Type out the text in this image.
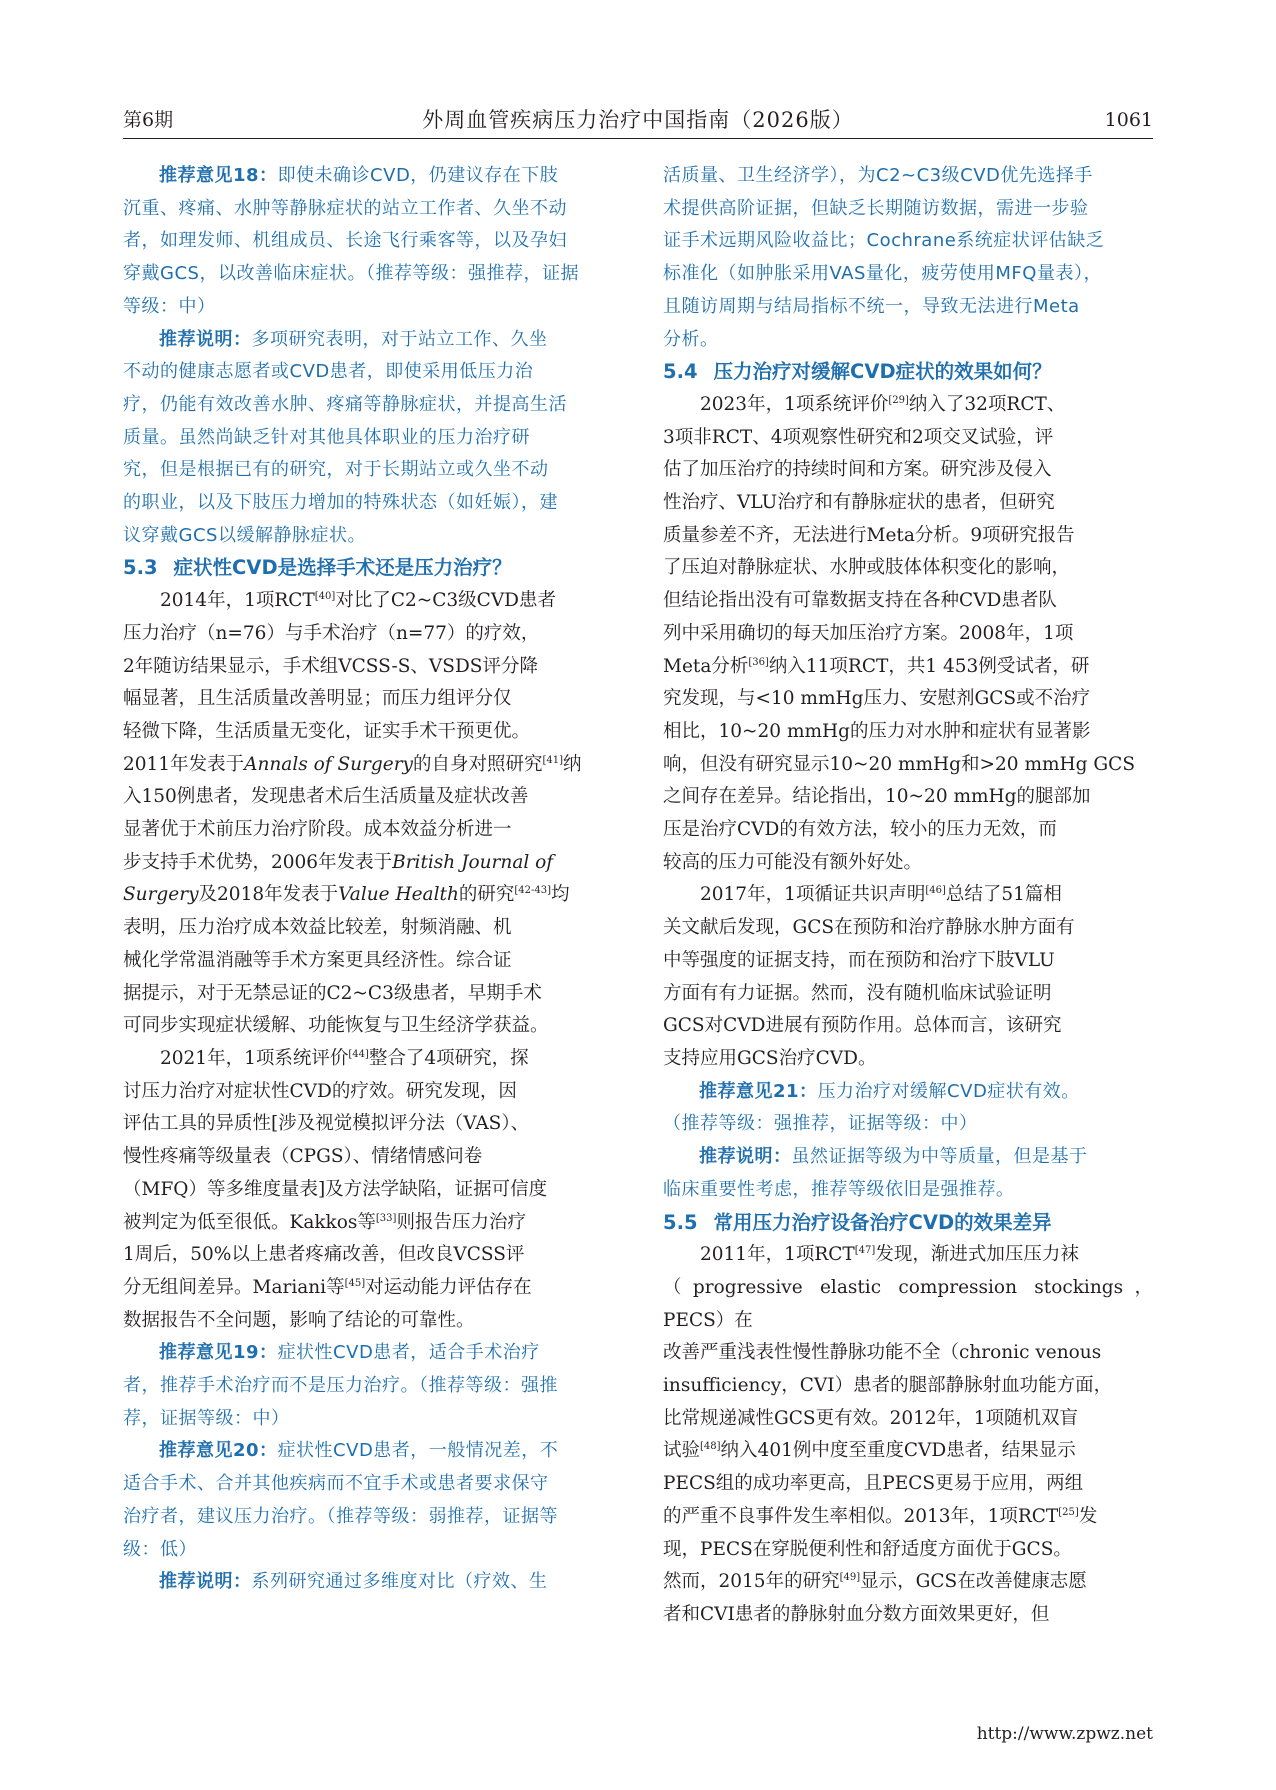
第6期	外周血管疾病压力治疗中国指南（2026版）	1061

推荐意见18：即使未确诊CVD，仍建议存在下肢
沉重、疼痛、水肿等静脉症状的站立工作者、久坐不动
者，如理发师、机组成员、长途飞行乘客等，以及孕妇
穿戴GCS，以改善临床症状。（推荐等级：强推荐，证据
等级：中）

推荐说明：多项研究表明，对于站立工作、久坐
不动的健康志愿者或CVD患者，即使采用低压力治
疗，仍能有效改善水肿、疼痛等静脉症状，并提高生活
质量。虽然尚缺乏针对其他具体职业的压力治疗研
究，但是根据已有的研究，对于长期站立或久坐不动
的职业，以及下肢压力增加的特殊状态（如妊娠），建
议穿戴GCS以缓解静脉症状。

5.3 症状性CVD是选择手术还是压力治疗？

2014年，1项RCT[40]对比了C2~C3级CVD患者
压力治疗（n=76）与手术治疗（n=77）的疗效，
2年随访结果显示，手术组VCSS-S、VSDS评分降
幅显著，且生活质量改善明显；而压力组评分仅
轻微下降，生活质量无变化，证实手术干预更优。
2011年发表于Annals of Surgery的自身对照研究[41]纳
入150例患者，发现患者术后生活质量及症状改善
显著优于术前压力治疗阶段。成本效益分析进一
步支持手术优势，2006年发表于British Journal of
Surgery及2018年发表于Value Health的研究[42-43]均
表明，压力治疗成本效益比较差，射频消融、机
械化学常温消融等手术方案更具经济性。综合证
据提示，对于无禁忌证的C2~C3级患者，早期手术
可同步实现症状缓解、功能恢复与卫生经济学获益。

2021年，1项系统评价[44]整合了4项研究，探
讨压力治疗对症状性CVD的疗效。研究发现，因
评估工具的异质性[涉及视觉模拟评分法（VAS）、
慢性疼痛等级量表（CPGS）、情绪情感问卷
（MFQ）等多维度量表]及方法学缺陷，证据可信度
被判定为低至很低。Kakkos等[33]则报告压力治疗
1周后，50%以上患者疼痛改善，但改良VCSS评
分无组间差异。Mariani等[45]对运动能力评估存在
数据报告不全问题，影响了结论的可靠性。

推荐意见19：症状性CVD患者，适合手术治疗
者，推荐手术治疗而不是压力治疗。（推荐等级：强推
荐，证据等级：中）

推荐意见20：症状性CVD患者，一般情况差，不
适合手术、合并其他疾病而不宜手术或患者要求保守
治疗者，建议压力治疗。（推荐等级：弱推荐，证据等
级：低）

推荐说明：系列研究通过多维度对比（疗效、生

活质量、卫生经济学），为C2~C3级CVD优先选择手
术提供高阶证据，但缺乏长期随访数据，需进一步验
证手术远期风险收益比；Cochrane系统症状评估缺乏
标准化（如肿胀采用VAS量化，疲劳使用MFQ量表），
且随访周期与结局指标不统一，导致无法进行Meta
分析。

5.4 压力治疗对缓解CVD症状的效果如何？

2023年，1项系统评价[29]纳入了32项RCT、
3项非RCT、4项观察性研究和2项交叉试验，评
估了加压治疗的持续时间和方案。研究涉及侵入
性治疗、VLU治疗和有静脉症状的患者，但研究
质量参差不齐，无法进行Meta分析。9项研究报告
了压迫对静脉症状、水肿或肢体体积变化的影响，
但结论指出没有可靠数据支持在各种CVD患者队
列中采用确切的每天加压治疗方案。2008年，1项
Meta分析[36]纳入11项RCT，共1 453例受试者，研
究发现，与<10 mmHg压力、安慰剂GCS或不治疗
相比，10~20 mmHg的压力对水肿和症状有显著影
响，但没有研究显示10~20 mmHg和>20 mmHg GCS
之间存在差异。结论指出，10~20 mmHg的腿部加
压是治疗CVD的有效方法，较小的压力无效，而
较高的压力可能没有额外好处。

2017年，1项循证共识声明[46]总结了51篇相
关文献后发现，GCS在预防和治疗静脉水肿方面有
中等强度的证据支持，而在预防和治疗下肢VLU
方面有有力证据。然而，没有随机临床试验证明
GCS对CVD进展有预防作用。总体而言，该研究
支持应用GCS治疗CVD。

推荐意见21：压力治疗对缓解CVD症状有效。
（推荐等级：强推荐，证据等级：中）

推荐说明：虽然证据等级为中等质量，但是基于
临床重要性考虑，推荐等级依旧是强推荐。

5.5 常用压力治疗设备治疗CVD的效果差异

2011年，1项RCT[47]发现，渐进式加压压力袜
（progressive elastic compression stockings，PECS）在
改善严重浅表性慢性静脉功能不全（chronic venous
insufficiency，CVI）患者的腿部静脉射血功能方面，
比常规递减性GCS更有效。2012年，1项随机双盲
试验[48]纳入401例中度至重度CVD患者，结果显示
PECS组的成功率更高，且PECS更易于应用，两组
的严重不良事件发生率相似。2013年，1项RCT[25]发
现，PECS在穿脱便利性和舒适度方面优于GCS。
然而，2015年的研究[49]显示，GCS在改善健康志愿
者和CVI患者的静脉射血分数方面效果更好，但

http://www.zpwz.net
